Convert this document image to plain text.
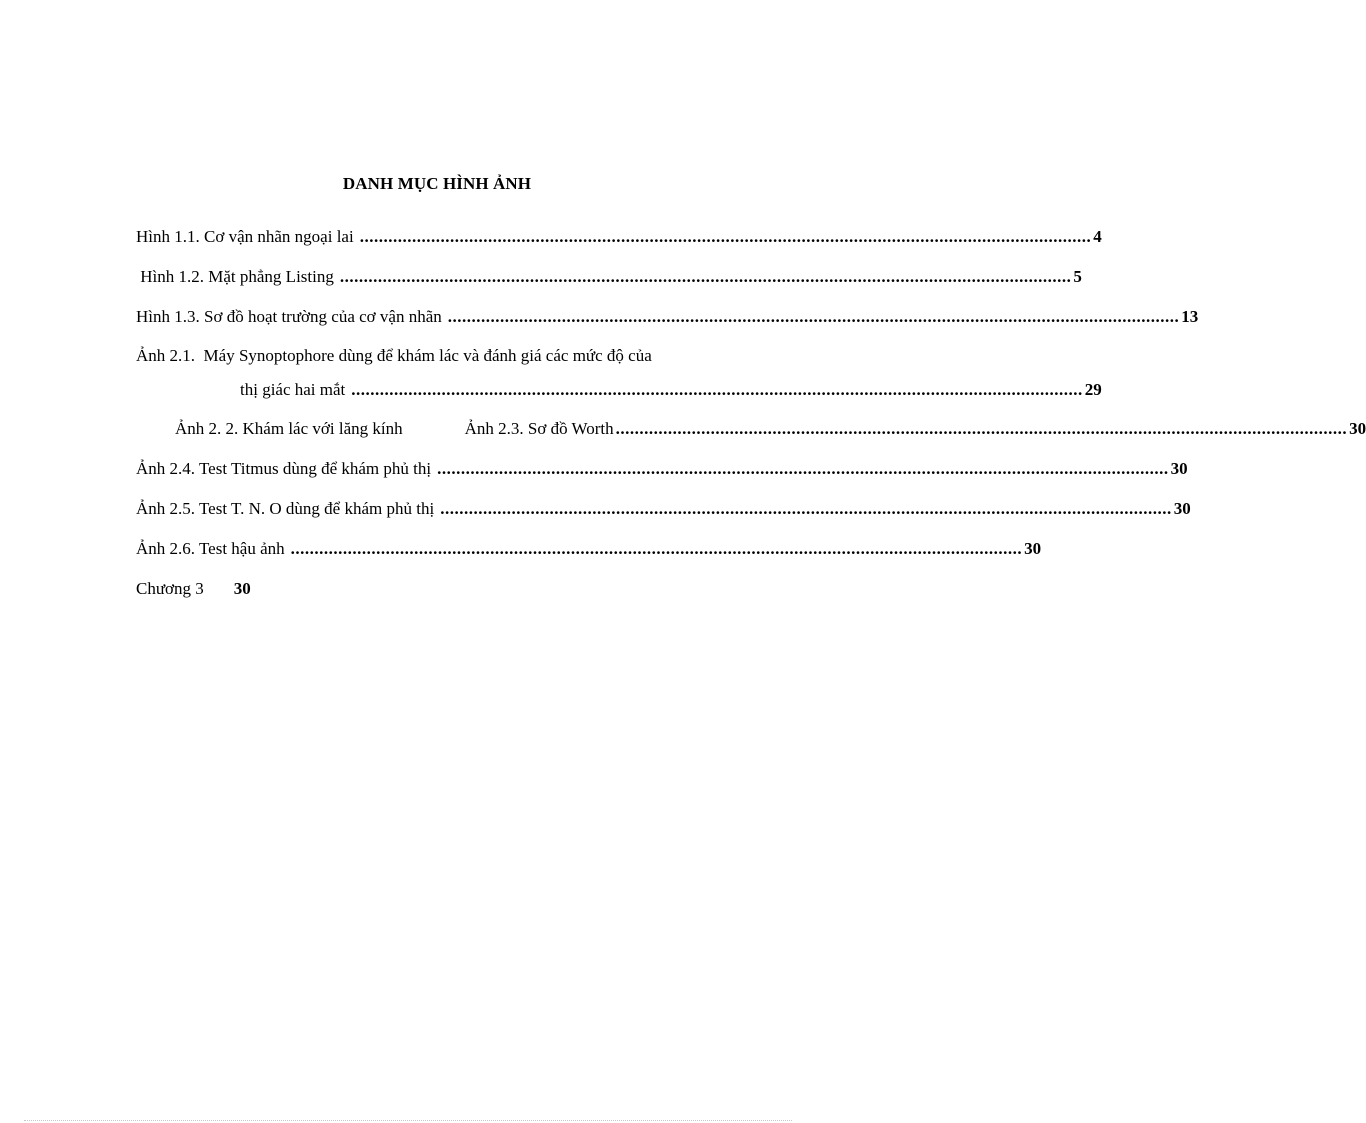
DANH MỤC HÌNH ẢNH
Hình 1.1. Cơ vận nhãn ngoại lai .......................................................................................................................................................... 4
Hình 1.2. Mặt phẳng Listing .......................................................................................................................................................... 5
Hình 1.3. Sơ đồ hoạt trường của cơ vận nhãn .......................................................................................................................................................... 13
Ảnh 2.1.  Máy Synoptophore dùng để khám lác và đánh giá các mức độ của
thị giác hai mắt .......................................................................................................................................................... 29
Ảnh 2. 2. Khám lác với lăng kính	Ảnh 2.3. Sơ đồ Worth .......................................................................................................................................................... 30
Ảnh 2.4. Test Titmus dùng để khám phủ thị .......................................................................................................................................................... 30
Ảnh 2.5. Test T. N. O dùng để khám phủ thị .......................................................................................................................................................... 30
Ảnh 2.6. Test hậu ảnh .......................................................................................................................................................... 30
Chương 3 30
